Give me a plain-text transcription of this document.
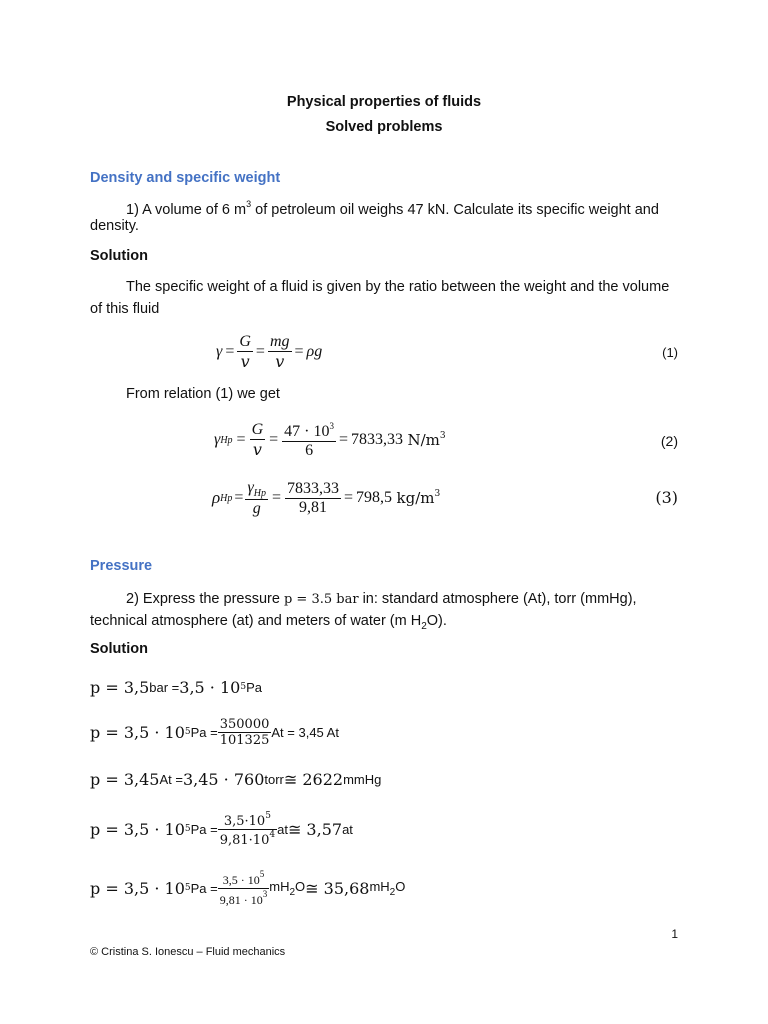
Physical properties of fluids
Solved problems
Density and specific weight
1) A volume of 6 $m^3$ of petroleum oil weighs 47 kN. Calculate its specific weight and
density.
Solution
The specific weight of a fluid is given by the ratio between the weight and the volume
of this fluid
$\gamma = \frac{G}{v} = \frac{mg}{v} = \rho g$	(1)
From relation (1) we get
γ $Hp = \frac{G}{v} = \frac{47 \cdot 10^3}{6} = 7833,33$
$N/m^3$	(2)
ρ $Hp = \frac{\gamma_{Hp}}{g} = \frac{7833,33}{9,81} = 798,5$
$kg/m^3$	(3)
Pressure
2) Express the pressure p = 3.5 bar in: standard atmosphere (At), torr (mmHg),
technical atmosphere (at) and meters of water (m $H_2O$).
Solution
p = 3,5 bar = 3,5 · 10 5 Pa
p = 3,5 · 10 5 $Pa = \frac{350000}{101325}$ At = 3,45 At
p = 3,45 At = 3,45 · 760 torr ≅ 2622 mmHg
p = 3,5 · 10 5 $Pa = \frac{3,5\cdot 10^5}{9,81\cdot 10^4}$ at ≅ 3,57 at
p = 3,5 · 10 5 $Pa = \frac{3,5 \cdot 10^5}{9,81 \cdot 10^3} mH_2O$ ≅ 35,68 $mH_2O$
1
© Cristina S. Ionescu – Fluid mechanics
